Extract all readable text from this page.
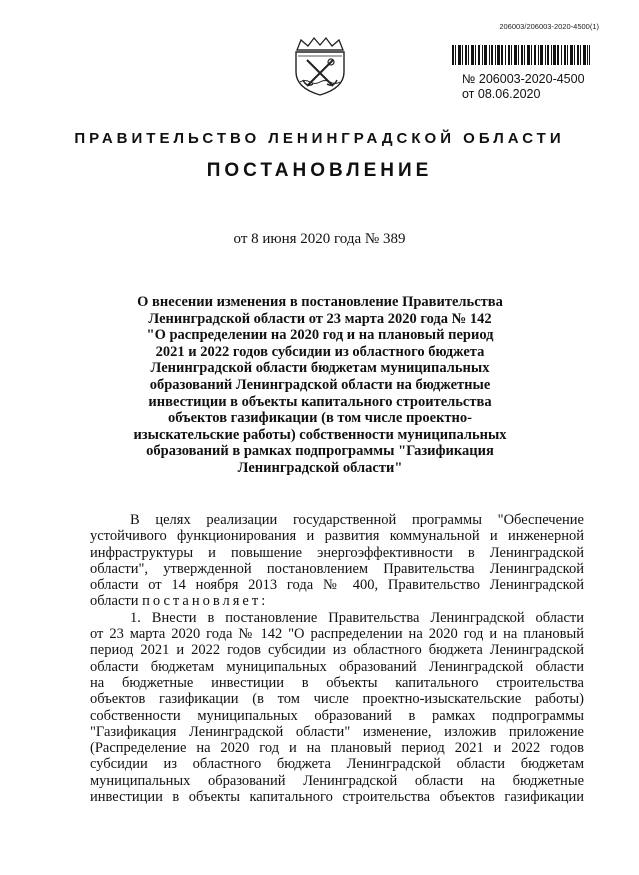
206003/206003-2020-4500(1)
№ 206003-2020-4500
от 08.06.2020
ПРАВИТЕЛЬСТВО ЛЕНИНГРАДСКОЙ ОБЛАСТИ
ПОСТАНОВЛЕНИЕ
от 8 июня 2020 года № 389
О внесении изменения в постановление Правительства
Ленинградской области от 23 марта 2020 года № 142
"О распределении на 2020 год и на плановый период
2021 и 2022 годов субсидии из областного бюджета
Ленинградской области бюджетам муниципальных
образований Ленинградской области на бюджетные
инвестиции в объекты капитального строительства
объектов газификации (в том числе проектно-
изыскательские работы) собственности муниципальных
образований в рамках подпрограммы "Газификация
Ленинградской области"
В целях реализации государственной программы "Обеспечение
устойчивого функционирования и развития коммунальной и инженерной
инфраструктуры и повышение энергоэффективности в Ленинградской
области", утвержденной постановлением Правительства Ленинградской
области от 14 ноября 2013 года № 400, Правительство Ленинградской
области постановляет:
1. Внести в постановление Правительства Ленинградской области
от 23 марта 2020 года № 142 "О распределении на 2020 год и на плановый
период 2021 и 2022 годов субсидии из областного бюджета Ленинградской
области бюджетам муниципальных образований Ленинградской области
на бюджетные инвестиции в объекты капитального строительства
объектов газификации (в том числе проектно-изыскательские работы)
собственности муниципальных образований в рамках подпрограммы
"Газификация Ленинградской области" изменение, изложив приложение
(Распределение на 2020 год и на плановый период 2021 и 2022 годов
субсидии из областного бюджета Ленинградской области бюджетам
муниципальных образований Ленинградской области на бюджетные
инвестиции в объекты капитального строительства объектов газификации
